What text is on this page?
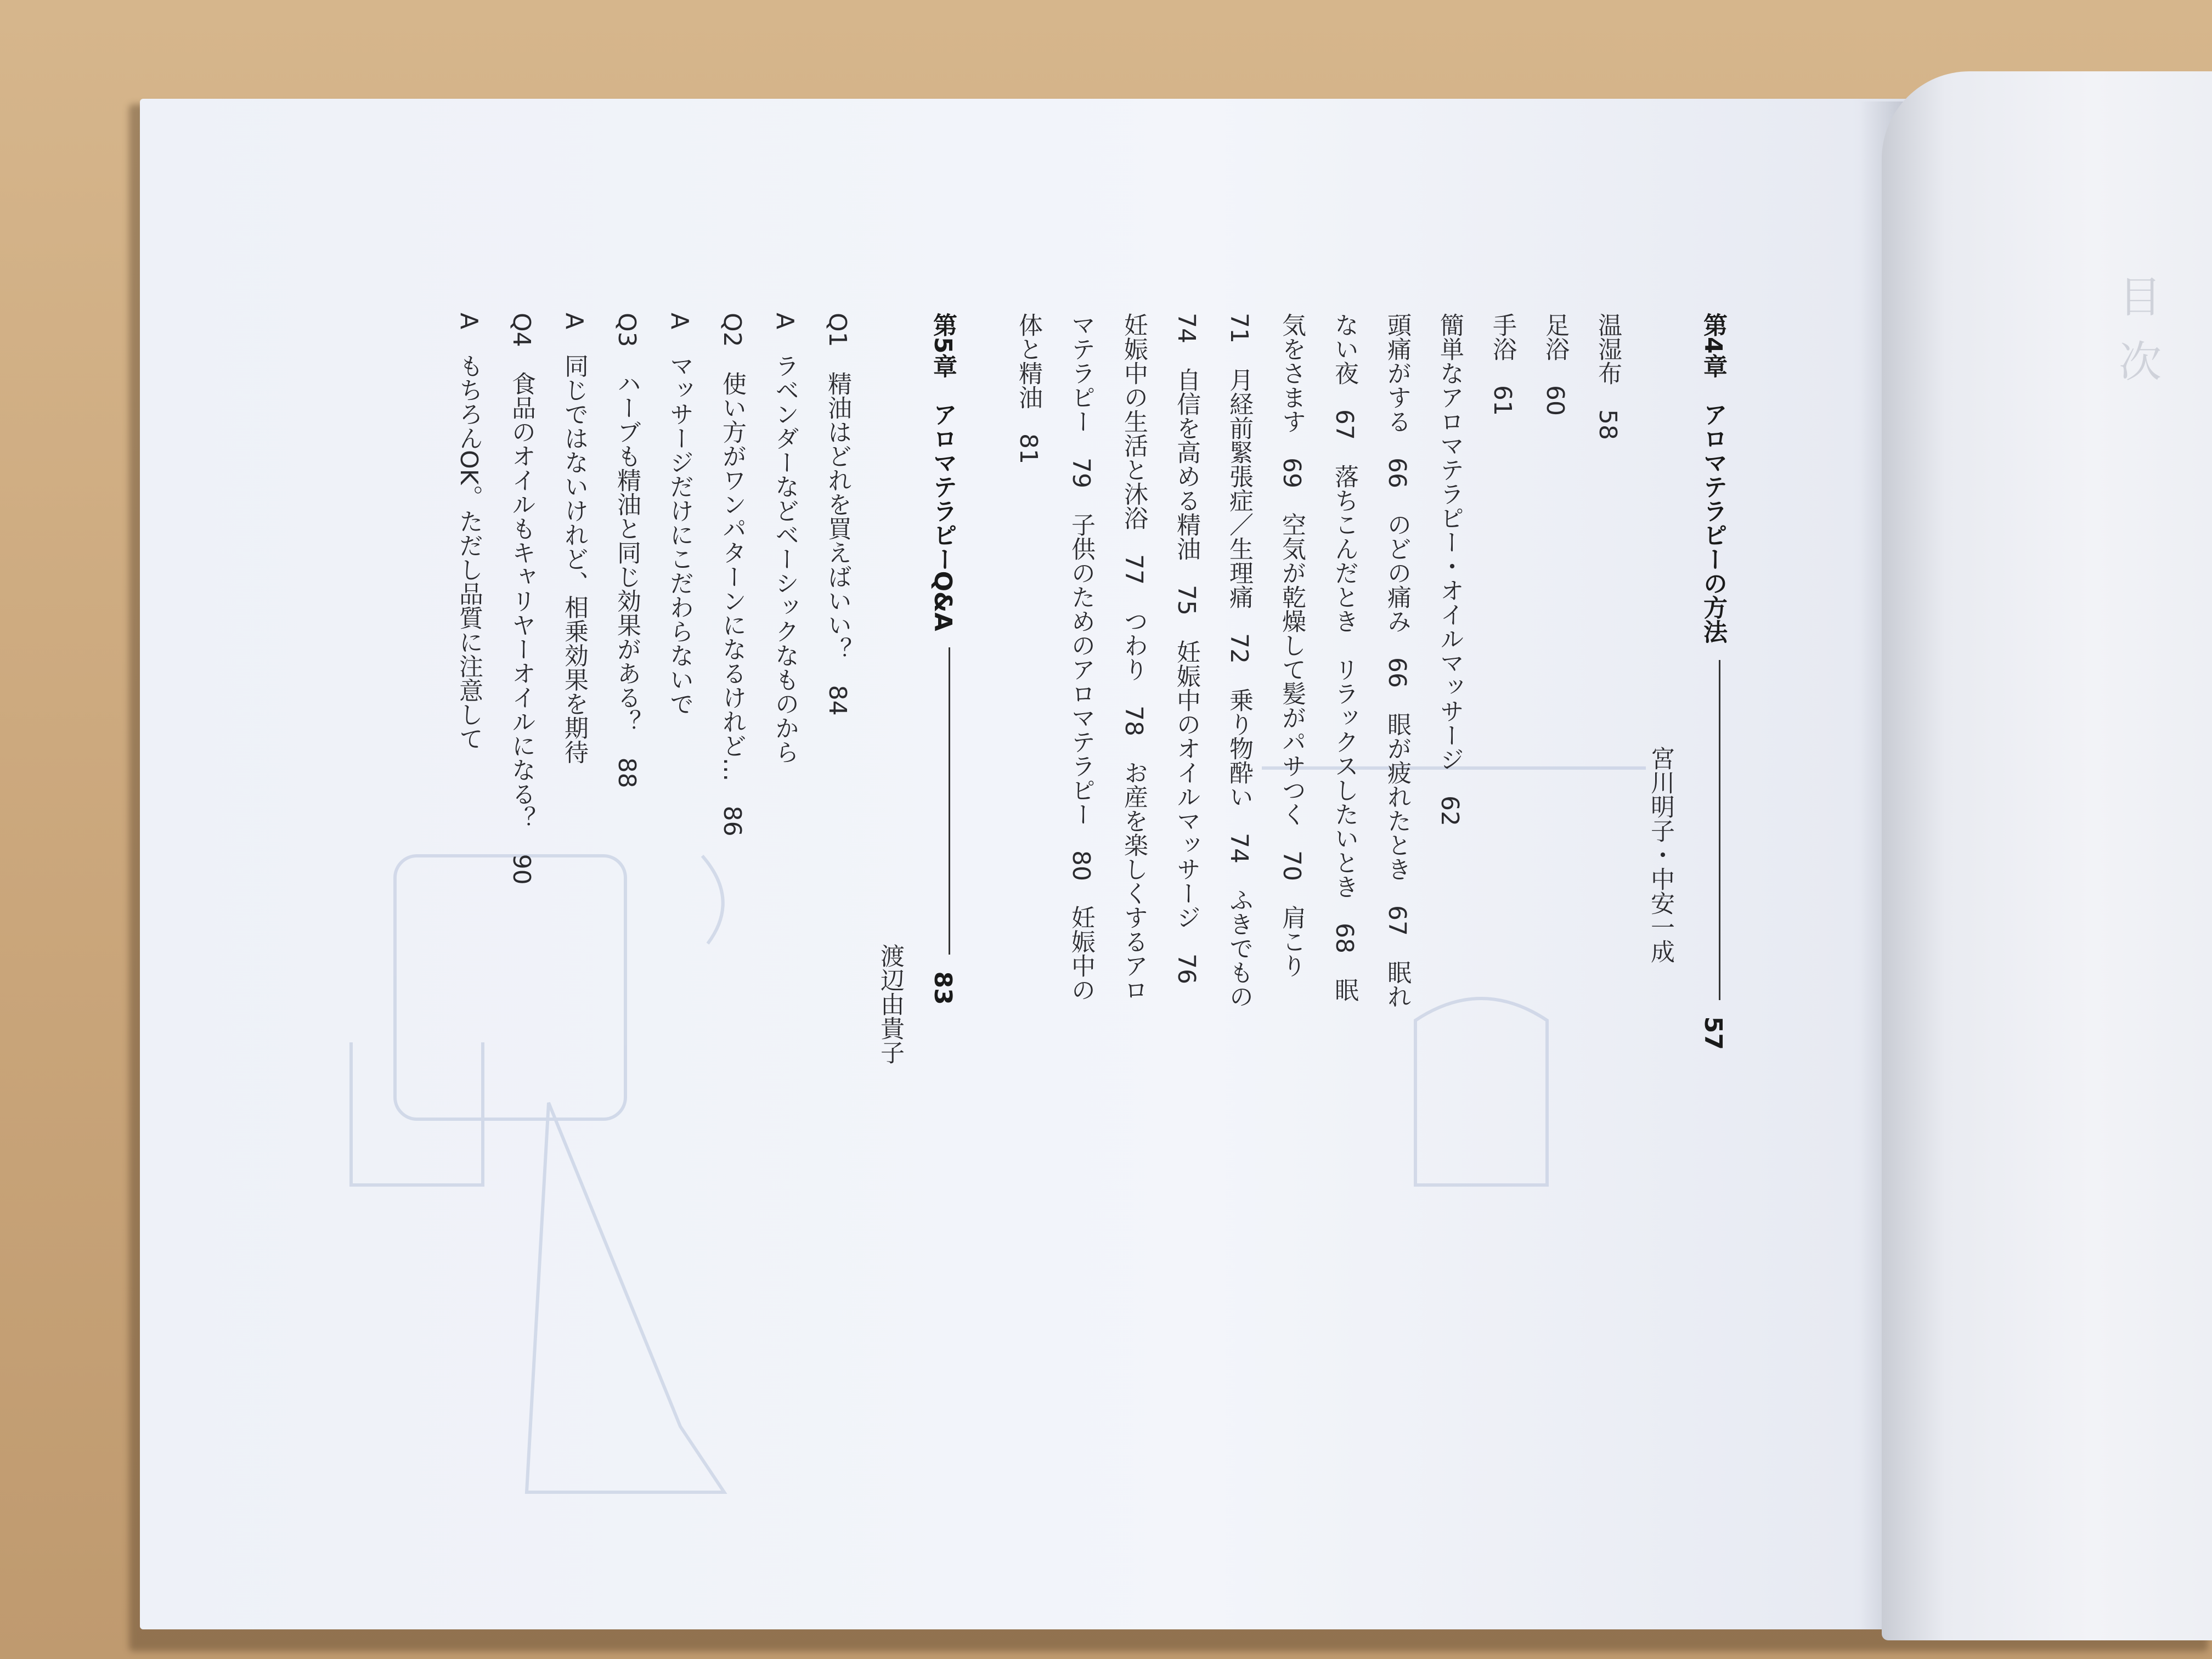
目次
第4章　アロマテラピーの方法57
宮川明子・中安一成
温湿布　58
足浴　60
手浴　61
簡単なアロマテラピー・オイルマッサージ　62
頭痛がする　66　のどの痛み　66　眼が疲れたとき　67　眠れ
ない夜　67　落ちこんだとき　リラックスしたいとき　68　眠
気をさます　69　空気が乾燥して髪がパサつく　70　肩こり
71　月経前緊張症／生理痛　72　乗り物酔い　74　ふきでもの
74　自信を高める精油　75　妊娠中のオイルマッサージ　76
妊娠中の生活と沐浴　77　つわり　78　お産を楽しくするアロ
マテラピー　79　子供のためのアロマテラピー　80　妊娠中の
体と精油　81
第5章　アロマテラピーQ&A83
渡辺由貴子
Q1　精油はどれを買えばいい？　84
A　ラベンダーなどベーシックなものから
Q2　使い方がワンパターンになるけれど…　86
A　マッサージだけにこだわらないで
Q3　ハーブも精油と同じ効果がある？　88
A　同じではないけれど、相乗効果を期待
Q4　食品のオイルもキャリヤーオイルになる？　90
A　もちろんOK。ただし品質に注意して
